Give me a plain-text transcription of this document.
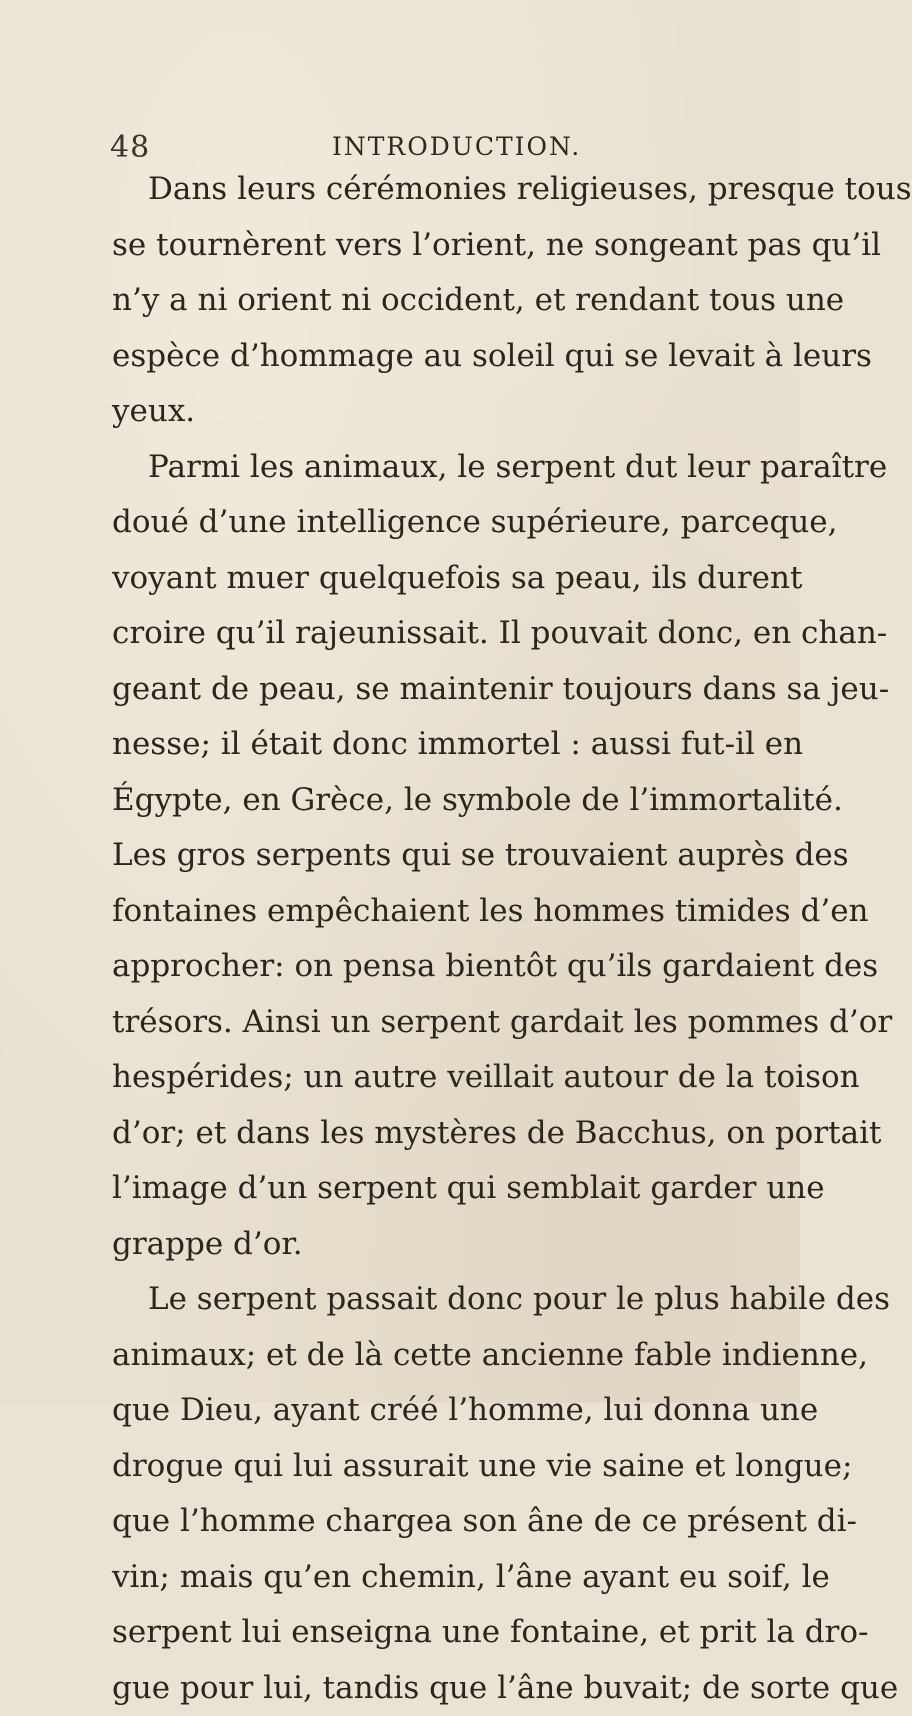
48	INTRODUCTION.
Dans leurs cérémonies religieuses, presque tous
se tournèrent vers l’orient, ne songeant pas qu’il
n’y a ni orient ni occident, et rendant tous une
espèce d’hommage au soleil qui se levait à leurs
yeux.
Parmi les animaux, le serpent dut leur paraître
doué d’une intelligence supérieure, parceque,
voyant muer quelquefois sa peau, ils durent
croire qu’il rajeunissait. Il pouvait donc, en chan-
geant de peau, se maintenir toujours dans sa jeu-
nesse; il était donc immortel : aussi fut-il en
Égypte, en Grèce, le symbole de l’immortalité.
Les gros serpents qui se trouvaient auprès des
fontaines empêchaient les hommes timides d’en
approcher: on pensa bientôt qu’ils gardaient des
trésors. Ainsi un serpent gardait les pommes d’or
hespérides; un autre veillait autour de la toison
d’or; et dans les mystères de Bacchus, on portait
l’image d’un serpent qui semblait garder une
grappe d’or.
Le serpent passait donc pour le plus habile des
animaux; et de là cette ancienne fable indienne,
que Dieu, ayant créé l’homme, lui donna une
drogue qui lui assurait une vie saine et longue;
que l’homme chargea son âne de ce présent di-
vin; mais qu’en chemin, l’âne ayant eu soif, le
serpent lui enseigna une fontaine, et prit la dro-
gue pour lui, tandis que l’âne buvait; de sorte que
